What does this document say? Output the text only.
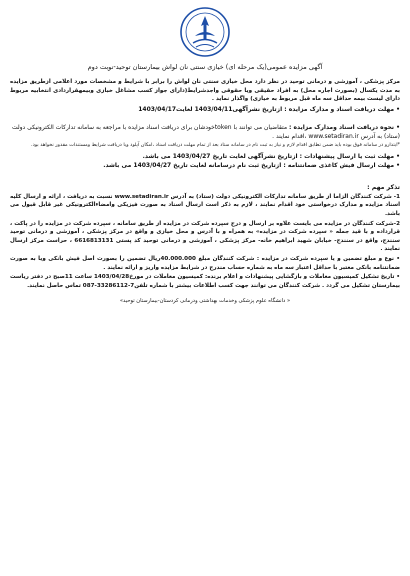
آگهی مزایده عمومی(یک مرحله ای) خیازی سنتی نان لواش بیمارستان توحید-نوبت دوم
مرکز پزشکی ، آموزشی و درمانی توحید در نظر دارد محل خیازی سنتی نان لواش را برابر با شرایط و مشخصات مورد اعلامی ازطریق مزایده به مدت یکسال (بصورت اجاره محل) به افراد حقیقی ویا حقوقی واجدشرایط(دارای جواز کسب مشاغل خبازی وبیمهقراردادی انتخابیه مربوط دارای لیست بیمه حداقل سه ماه قبل مربوط به خیازی) واگذار نماید .
• مهلت دریافت اسناد و مدارک مزایده : ازتاریخ نشرآگهی1403/04/11 لغایت1403/04/17
• نحوه دریافت اسناد ومدارک مزایده : متقاضیان می توانند با tokenخودشان برای دریافت اسناد مزایده با مراجعه به سامانه تدارکات الکترونیکی دولت (ستاد) به آدرس www.setadiran.ir ،اقدام نمایند .
*ایتدارو در سامانه فوق بوده باید ضمن تطابق اقدام لازم و نیاز به ثبت نام در سامانه ستاد بعد از تمام مهلت دریافت اسناد ،امکان آپلود ویا دریافت شرایط ومستندات مقدور نخواهد بود.
• مهلت ثبت یا ارسال پیشنهادات : ازتاریخ نشرآگهی لغایت تاریخ 1403/04/27 می باشد.
• مهلت ارسال فیش کاغذی ضمانتنامه : ازتاریخ ثبت نام درسامانه لغایت تاریخ 1403/04/27 می باشد.
تذکر مهم :
1- شرکت کنندگان الزاما از طریق سامانه تدارکات الکترونیکی دولت (ستاد) به آدرس www.setadiran.ir نسبت به دریافت ، ارائه و ارسال کلیه اسناد مزایده و مدارک درخواستی خود اقدام نمایند ، لازم به ذکر است ارسال اسناد به صورت فیزیکی وامضاءالکترونیکی غیر قابل قبول می باشد.
2-شرکت کنندگان در مزایده می بایست علاوه بر ارسال و درج سپرده شرکت در مزایده از طریق سامانه ، سپرده شرکت در مزایده را در پاکت ، قرارداده و با قید جمله « سپرده شرکت در مزایده» به همراه و با آدرس و محل خیازی و واقع در مرکز پزشکی ، آموزشی و درمانی توحید سنندج، واقع در سنندج- خیابان شهید ابراهیم خانه- مرکز پزشکی ، آموزشی و درمانی توحید کد پستی 6616813131 ، حراست مرکز ارسال نمایند .
• نوع و مبلغ تضمین و یا سپرده شرکت در مزایده : شرکت کنندگان مبلغ 40.000.000ریال تضمین را بصورت اصل فیش بانکی ویا به صورت ضمانتنامه بانکی معتبر با حداقل اعتبار سه ماه به شماره حساب مندرج در شرایط مزایده واریز و ارائه نمایند .
• تاریخ تشکیل کمیسیون معاملات و بازگشایی پیشنهادات و اعلام برنده: کمیسیون معاملات در مورخ1403/04/28 ساعت 11صبح در دفتر ریاست بیمارستان تشکیل می گردد . شرکت کنندگان می توانند جهت کسب اطلاعات بیشتر با شماره تلفن7-33286112-087 تماس حاصل نمایند.
« دانشگاه علوم پزشکی وخدمات بهداشتی ودرمانی کردستان-بیمارستان توحید»
